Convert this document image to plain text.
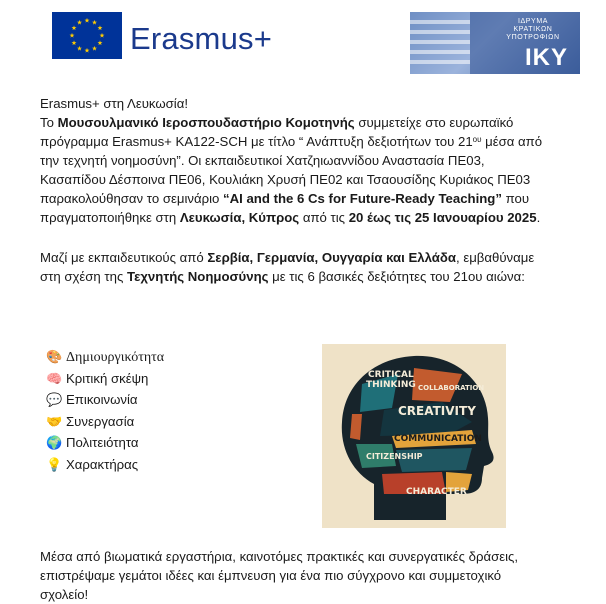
Erasmus+	ΙΔΡΥΜΑ
ΚΡΑΤΙΚΩΝ
ΥΠΟΤΡΟΦΙΩΝ
IKY
Erasmus+ στη Λευκωσία!
Το Μουσουλμανικό Ιεροσπουδαστήριο Κομοτηνής συμμετείχε στο ευρωπαϊκό
πρόγραμμα Erasmus+ KA122-SCH με τίτλο “ Ανάπτυξη δεξιοτήτων του $21^{o\upsilon}$ μέσα από
την τεχνητή νοημοσύνη”. Οι εκπαιδευτικοί Χατζηιωαννίδου Αναστασία ΠΕ03,
Κασαπίδου Δέσποινα ΠΕ06, Κουλιάκη Χρυσή ΠΕ02 και Τσαουσίδης Κυριάκος ΠΕ03
παρακολούθησαν το σεμινάριο “AI and the 6 Cs for Future-Ready Teaching” που
πραγματοποιήθηκε στη Λευκωσία, Κύπρος από τις 20 έως τις 25 Ιανουαρίου 2025.
Μαζί με εκπαιδευτικούς από Σερβία, Γερμανία, Ουγγαρία και Ελλάδα, εμβαθύναμε
στη σχέση της Τεχνητής Νοημοσύνης με τις 6 βασικές δεξιότητες του 21ου αιώνα:
🎨 Δημιουργικότητα
🧠 Κριτική σκέψη
💬 Επικοινωνία
🤝 Συνεργασία
🌍 Πολιτειότητα
💡 Χαρακτήρας
CRITICAL
THINKING COLLABORATION
CREATIVITY
COMMUNICATION
CITIZENSHIP
CHARACTER
Μέσα από βιωματικά εργαστήρια, καινοτόμες πρακτικές και συνεργατικές δράσεις,
επιστρέψαμε γεμάτοι ιδέες και έμπνευση για ένα πιο σύγχρονο και συμμετοχικό
σχολείο!
